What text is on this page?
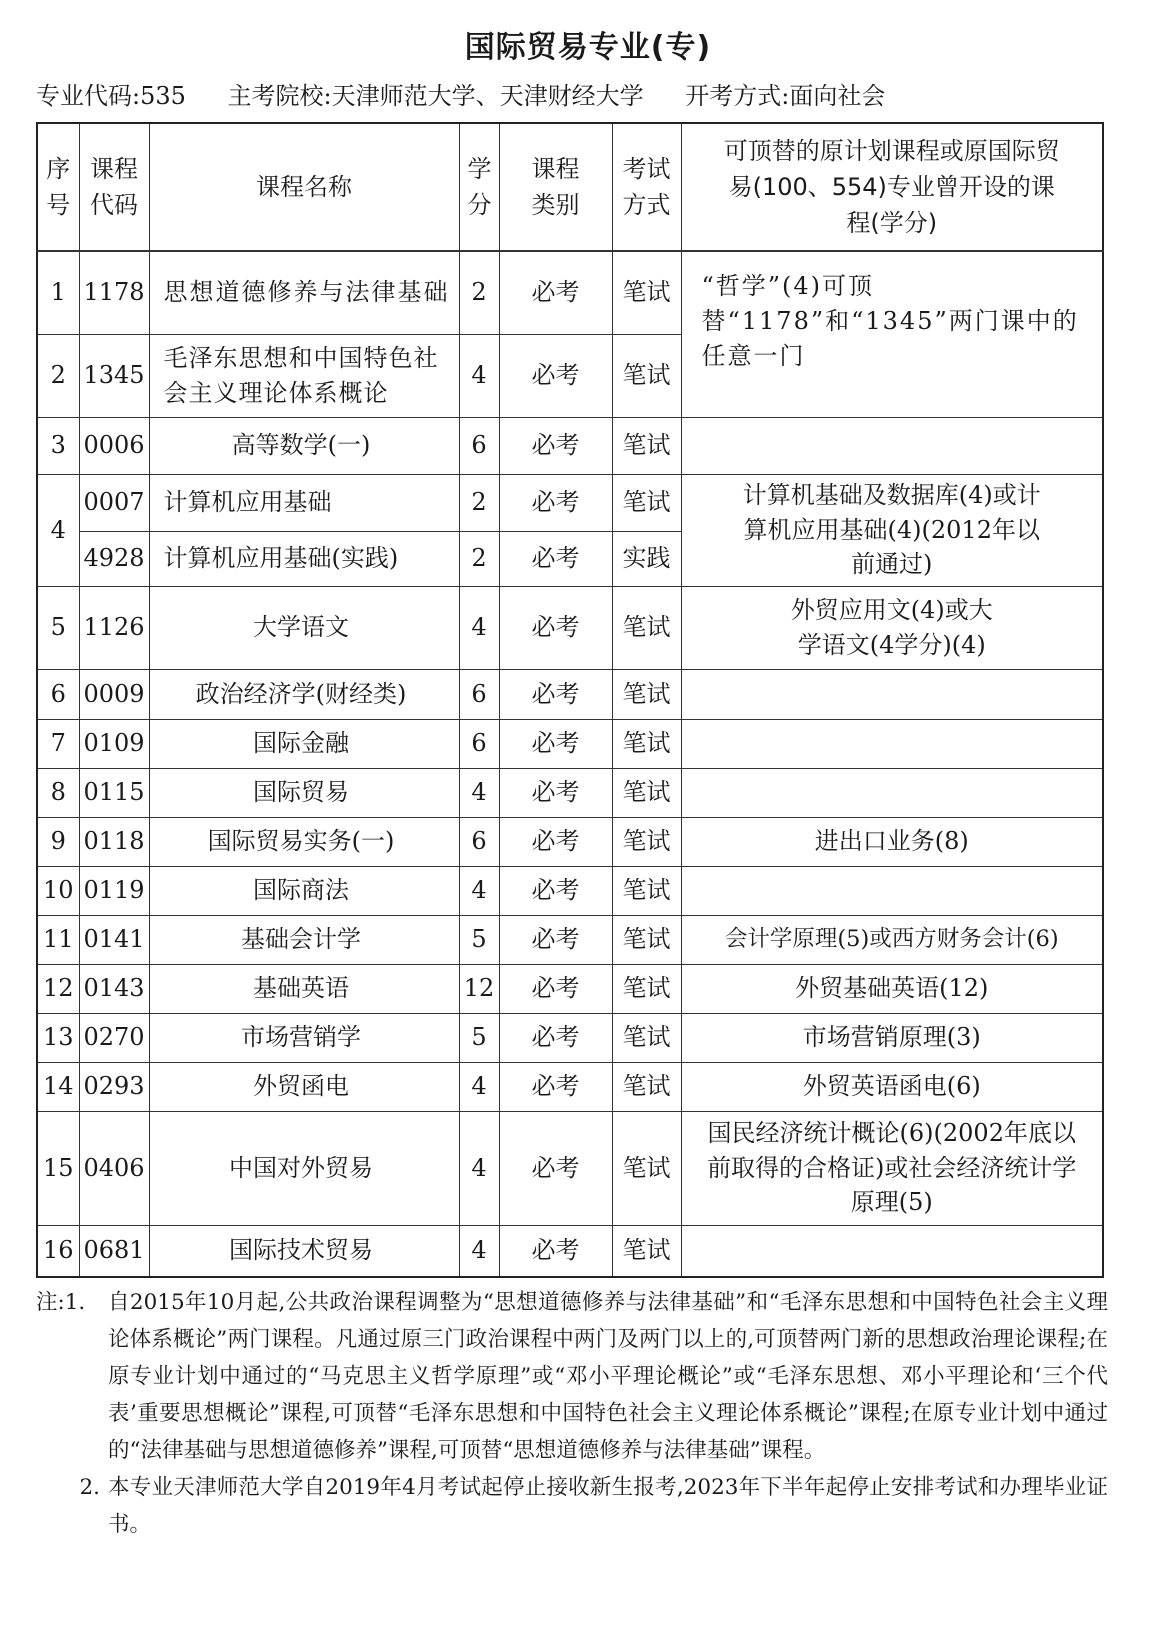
国际贸易专业(专)
专业代码:535 主考院校:天津师范大学、天津财经大学 开考方式:面向社会
序号	课程代码	课程名称	学分	课程类别	考试方式	可顶替的原计划课程或原国际贸易(100、554)专业曾开设的课程(学分)
1	1178	思想道德修养与法律基础	2	必考	笔试	“哲学”(4)可顶替“1178”和“1345”两门课中的任意一门
2	1345	毛泽东思想和中国特色社会主义理论体系概论	4	必考	笔试	
3	0006	高等数学(一)	6	必考	笔试	
4	0007	计算机应用基础	2	必考	笔试	计算机基础及数据库(4)或计算机应用基础(4)(2012年以前通过)
	4928	计算机应用基础(实践)	2	必考	实践	
5	1126	大学语文	4	必考	笔试	外贸应用文(4)或大学语文(4学分)(4)
6	0009	政治经济学(财经类)	6	必考	笔试	
7	0109	国际金融	6	必考	笔试	
8	0115	国际贸易	4	必考	笔试	
9	0118	国际贸易实务(一)	6	必考	笔试	进出口业务(8)
10	0119	国际商法	4	必考	笔试	
11	0141	基础会计学	5	必考	笔试	会计学原理(5)或西方财务会计(6)
12	0143	基础英语	12	必考	笔试	外贸基础英语(12)
13	0270	市场营销学	5	必考	笔试	市场营销原理(3)
14	0293	外贸函电	4	必考	笔试	外贸英语函电(6)
15	0406	中国对外贸易	4	必考	笔试	国民经济统计概论(6)(2002年底以前取得的合格证)或社会经济统计学原理(5)
16	0681	国际技术贸易	4	必考	笔试	
注:1.	自2015年10月起,公共政治课程调整为“思想道德修养与法律基础”和“毛泽东思想和中国特色社会主义理论体系概论”两门课程。凡通过原三门政治课程中两门及两门以上的,可顶替两门新的思想政治理论课程;在原专业计划中通过的“马克思主义哲学原理”或“邓小平理论概论”或“毛泽东思想、邓小平理论和‘三个代表’重要思想概论”课程,可顶替“毛泽东思想和中国特色社会主义理论体系概论”课程;在原专业计划中通过的“法律基础与思想道德修养”课程,可顶替“思想道德修养与法律基础”课程。
2. 本专业天津师范大学自2019年4月考试起停止接收新生报考,2023年下半年起停止安排考试和办理毕业证书。
